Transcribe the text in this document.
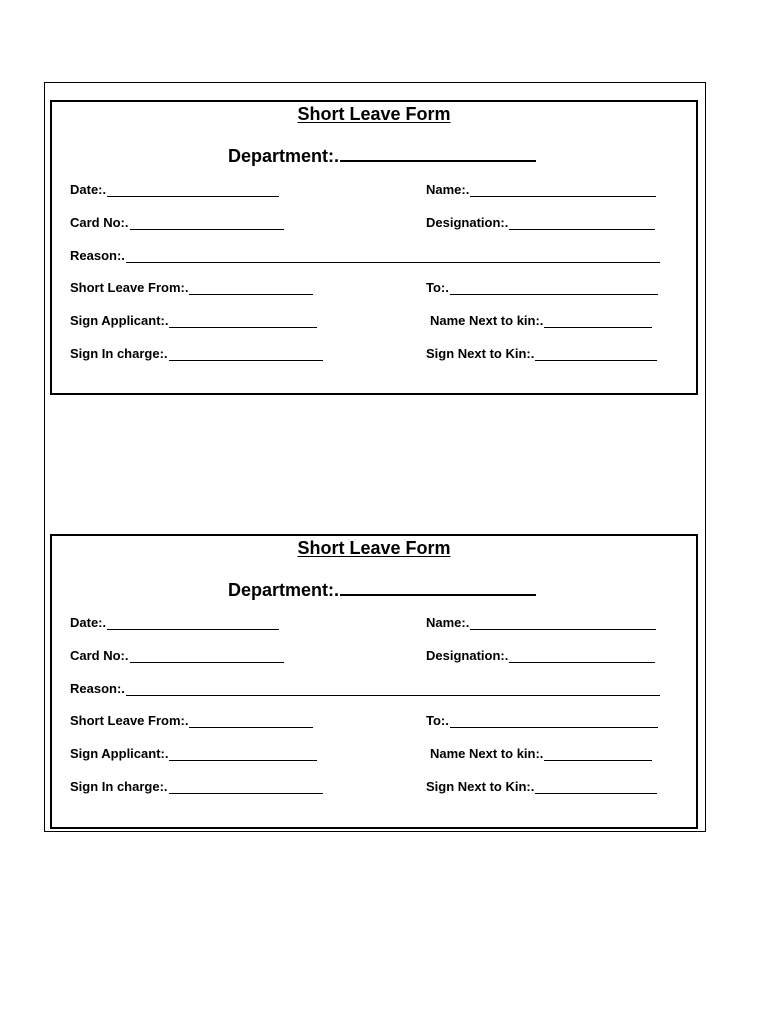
Short Leave Form
Department:.
Date:.	Name:.
Card No:.	Designation:.
Reason:.
Short Leave From:.	To:.
Sign Applicant:.	Name Next to kin:.
Sign In charge:.	Sign Next to Kin:.
Short Leave Form
Department:.
Date:.	Name:.
Card No:.	Designation:.
Reason:.
Short Leave From:.	To:.
Sign Applicant:.	Name Next to kin:.
Sign In charge:.	Sign Next to Kin:.
